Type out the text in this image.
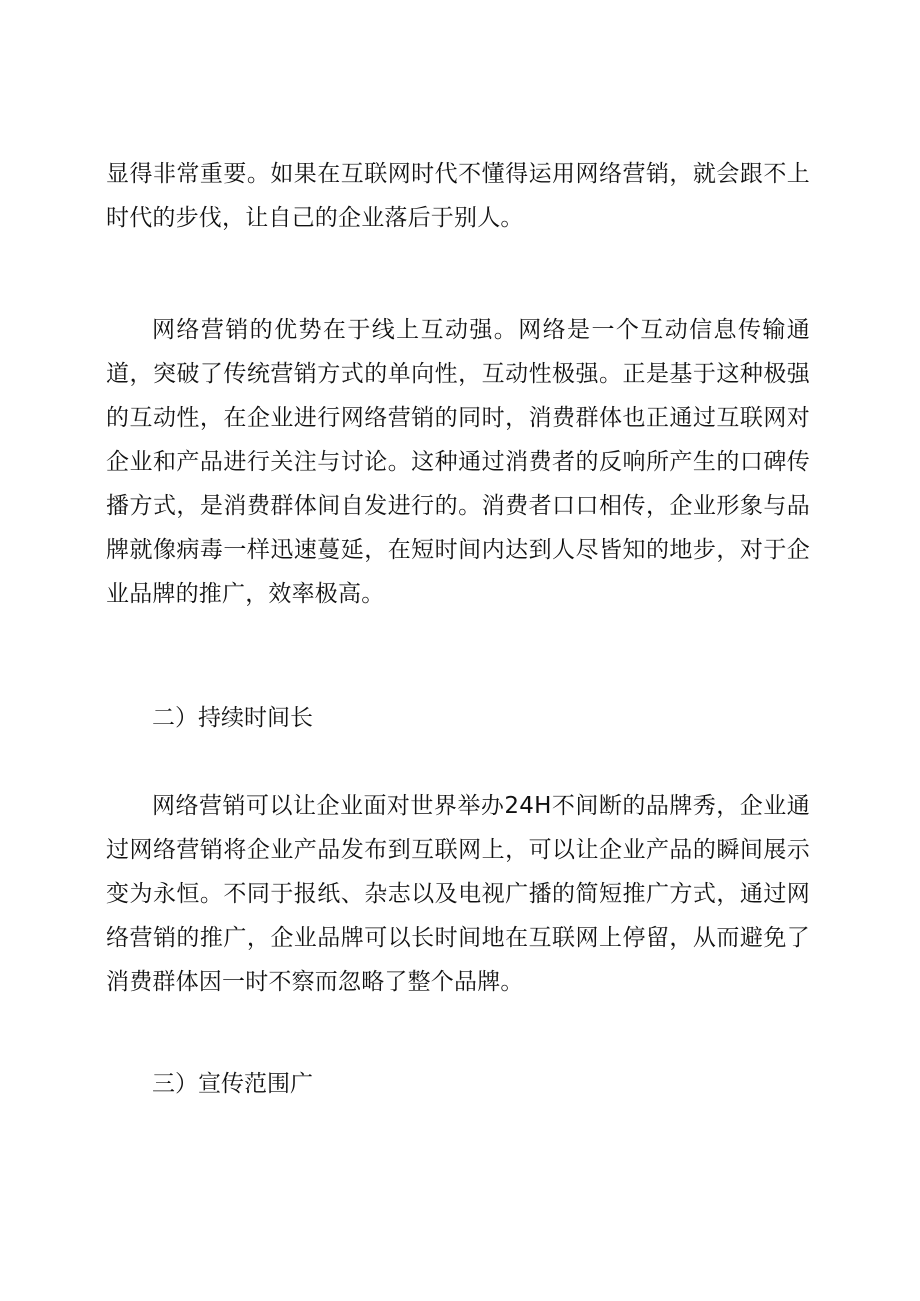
显得非常重要。如果在互联网时代不懂得运用网络营销，就会跟不上时代的步伐，让自己的企业落后于别人。

网络营销的优势在于线上互动强。网络是一个互动信息传输通道，突破了传统营销方式的单向性，互动性极强。正是基于这种极强的互动性，在企业进行网络营销的同时，消费群体也正通过互联网对企业和产品进行关注与讨论。这种通过消费者的反响所产生的口碑传播方式，是消费群体间自发进行的。消费者口口相传，企业形象与品牌就像病毒一样迅速蔓延，在短时间内达到人尽皆知的地步，对于企业品牌的推广，效率极高。

二）持续时间长

网络营销可以让企业面对世界举办24H不间断的品牌秀，企业通过网络营销将企业产品发布到互联网上，可以让企业产品的瞬间展示变为永恒。不同于报纸、杂志以及电视广播的简短推广方式，通过网络营销的推广，企业品牌可以长时间地在互联网上停留，从而避免了消费群体因一时不察而忽略了整个品牌。

三）宣传范围广
